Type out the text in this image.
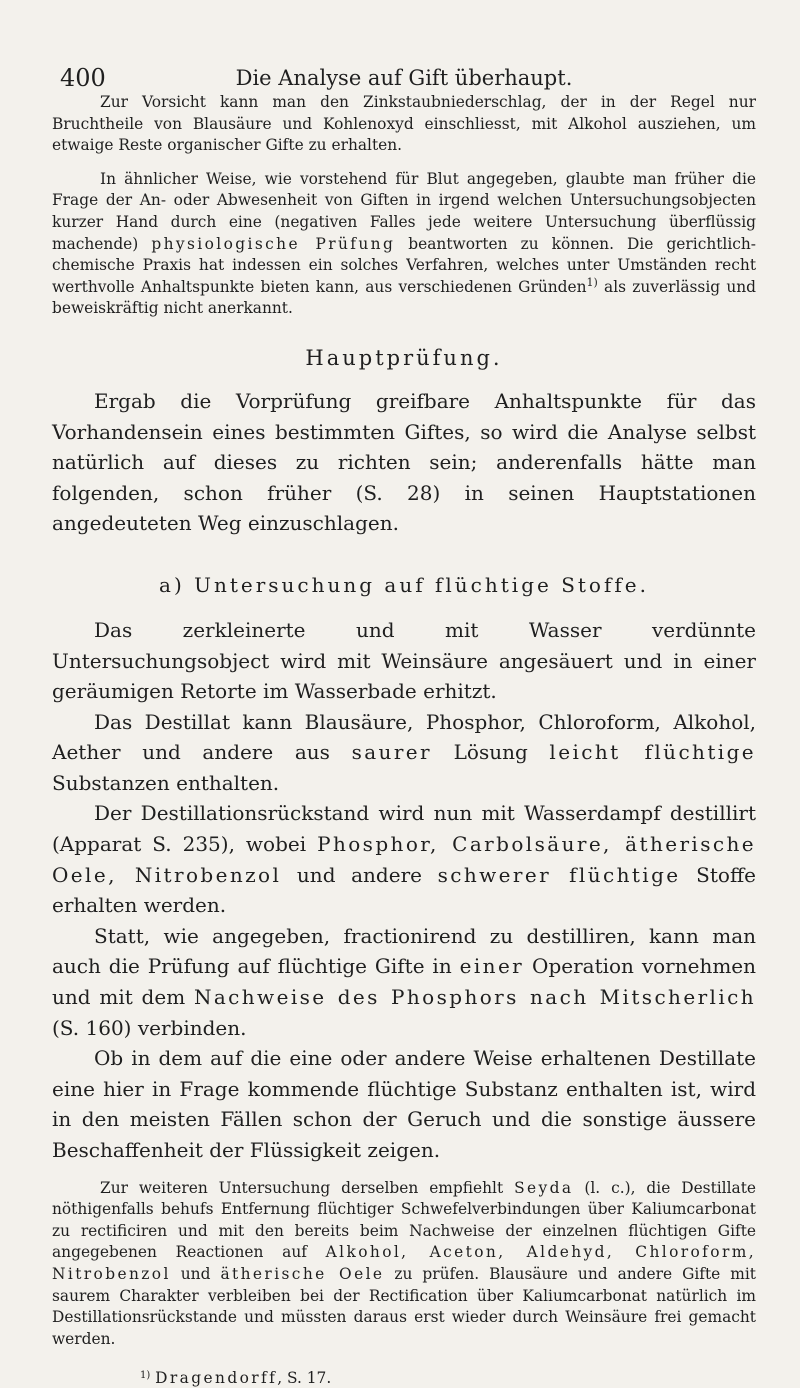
400	Die Analyse auf Gift überhaupt.

Zur Vorsicht kann man den Zinkstaubniederschlag, der in der Regel nur Bruchtheile von Blausäure und Kohlenoxyd einschliesst, mit Alkohol ausziehen, um etwaige Reste organischer Gifte zu erhalten.

In ähnlicher Weise, wie vorstehend für Blut angegeben, glaubte man früher die Frage der An- oder Abwesenheit von Giften in irgend welchen Untersuchungsobjecten kurzer Hand durch eine (negativen Falles jede weitere Untersuchung überflüssig machende) physiologische Prüfung beantworten zu können. Die gerichtlich-chemische Praxis hat indessen ein solches Verfahren, welches unter Umständen recht werthvolle Anhaltspunkte bieten kann, aus verschiedenen Gründen$^{1)}$ als zuverlässig und beweiskräftig nicht anerkannt.

Hauptprüfung.

Ergab die Vorprüfung greifbare Anhaltspunkte für das Vorhandensein eines bestimmten Giftes, so wird die Analyse selbst natürlich auf dieses zu richten sein; anderenfalls hätte man folgenden, schon früher (S. 28) in seinen Hauptstationen angedeuteten Weg einzuschlagen.

a) Untersuchung auf flüchtige Stoffe.

Das zerkleinerte und mit Wasser verdünnte Untersuchungsobject wird mit Weinsäure angesäuert und in einer geräumigen Retorte im Wasserbade erhitzt.

Das Destillat kann Blausäure, Phosphor, Chloroform, Alkohol, Aether und andere aus saurer Lösung leicht flüchtige Substanzen enthalten.

Der Destillationsrückstand wird nun mit Wasserdampf destillirt (Apparat S. 235), wobei Phosphor, Carbolsäure, ätherische Oele, Nitrobenzol und andere schwerer flüchtige Stoffe erhalten werden.

Statt, wie angegeben, fractionirend zu destilliren, kann man auch die Prüfung auf flüchtige Gifte in einer Operation vornehmen und mit dem Nachweise des Phosphors nach Mitscherlich (S. 160) verbinden.

Ob in dem auf die eine oder andere Weise erhaltenen Destillate eine hier in Frage kommende flüchtige Substanz enthalten ist, wird in den meisten Fällen schon der Geruch und die sonstige äussere Beschaffenheit der Flüssigkeit zeigen.

Zur weiteren Untersuchung derselben empfiehlt Seyda (l. c.), die Destillate nöthigenfalls behufs Entfernung flüchtiger Schwefelverbindungen über Kaliumcarbonat zu rectificiren und mit den bereits beim Nachweise der einzelnen flüchtigen Gifte angegebenen Reactionen auf Alkohol, Aceton, Aldehyd, Chloroform, Nitrobenzol und ätherische Oele zu prüfen. Blausäure und andere Gifte mit saurem Charakter verbleiben bei der Rectification über Kaliumcarbonat natürlich im Destillationsrückstande und müssten daraus erst wieder durch Weinsäure frei gemacht werden.

$^{1)}$ Dragendorff, S. 17.
